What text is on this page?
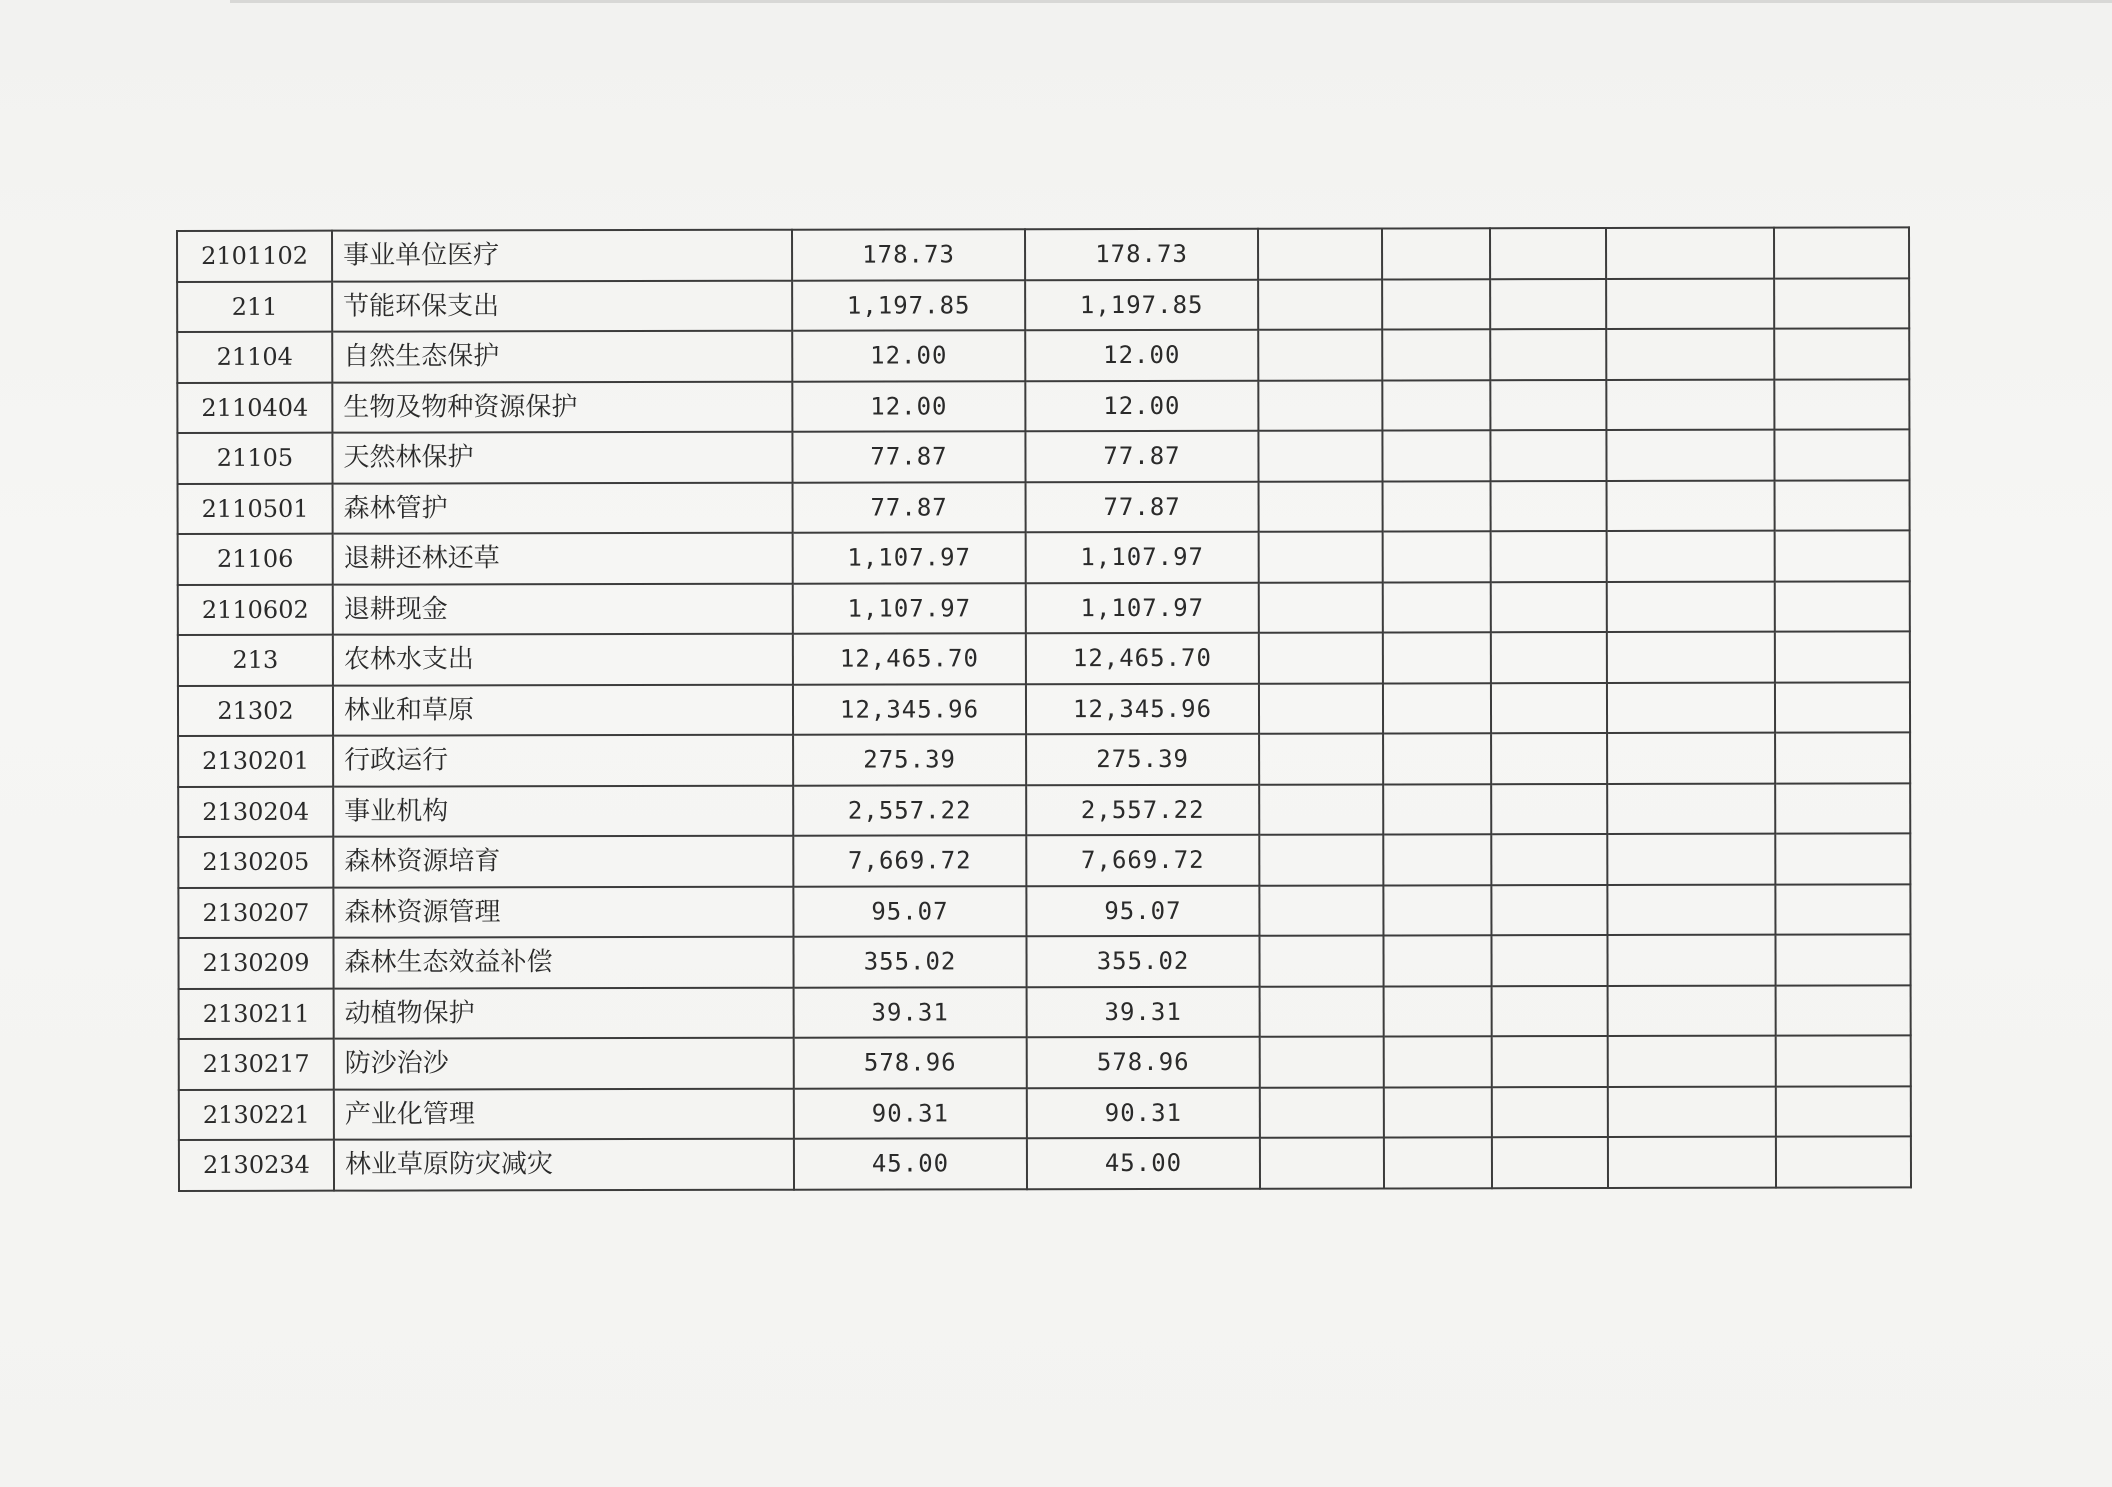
2101102	事业单位医疗	178.73	178.73					
211	节能环保支出	1,197.85	1,197.85					
21104	自然生态保护	12.00	12.00					
2110404	生物及物种资源保护	12.00	12.00					
21105	天然林保护	77.87	77.87					
2110501	森林管护	77.87	77.87					
21106	退耕还林还草	1,107.97	1,107.97					
2110602	退耕现金	1,107.97	1,107.97					
213	农林水支出	12,465.70	12,465.70					
21302	林业和草原	12,345.96	12,345.96					
2130201	行政运行	275.39	275.39					
2130204	事业机构	2,557.22	2,557.22					
2130205	森林资源培育	7,669.72	7,669.72					
2130207	森林资源管理	95.07	95.07					
2130209	森林生态效益补偿	355.02	355.02					
2130211	动植物保护	39.31	39.31					
2130217	防沙治沙	578.96	578.96					
2130221	产业化管理	90.31	90.31					
2130234	林业草原防灾减灾	45.00	45.00					
